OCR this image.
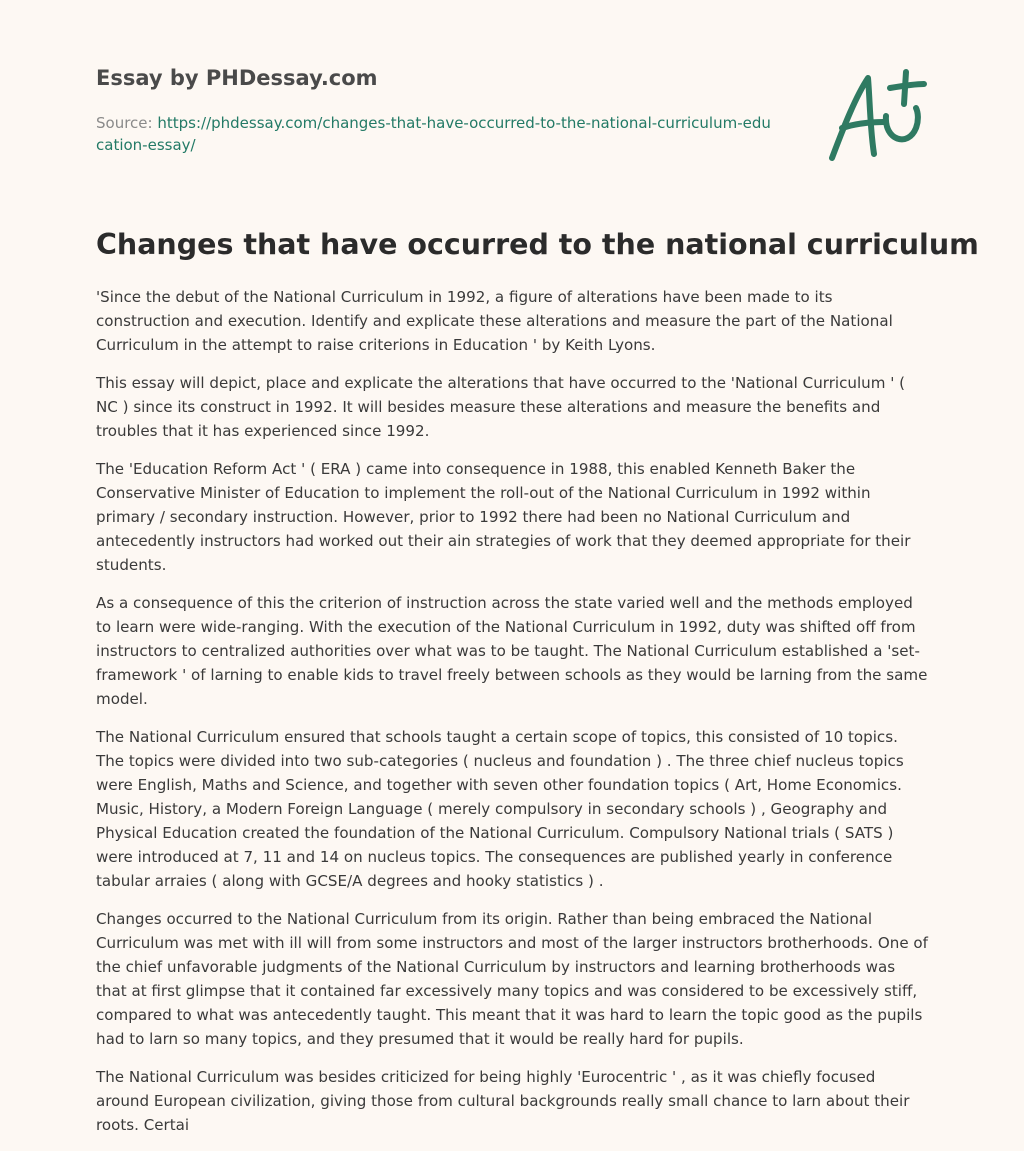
Essay by PHDessay.com

Source: https://phdessay.com/changes-that-have-occurred-to-the-national-curriculum-education-essay/

Changes that have occurred to the national curriculum

'Since the debut of the National Curriculum in 1992, a figure of alterations have been made to its construction and execution. Identify and explicate these alterations and measure the part of the National Curriculum in the attempt to raise criterions in Education ' by Keith Lyons.

This essay will depict, place and explicate the alterations that have occurred to the 'National Curriculum ' ( NC ) since its construct in 1992. It will besides measure these alterations and measure the benefits and troubles that it has experienced since 1992.

The 'Education Reform Act ' ( ERA ) came into consequence in 1988, this enabled Kenneth Baker the Conservative Minister of Education to implement the roll-out of the National Curriculum in 1992 within primary / secondary instruction. However, prior to 1992 there had been no National Curriculum and antecedently instructors had worked out their ain strategies of work that they deemed appropriate for their students.

As a consequence of this the criterion of instruction across the state varied well and the methods employed to learn were wide-ranging. With the execution of the National Curriculum in 1992, duty was shifted off from instructors to centralized authorities over what was to be taught. The National Curriculum established a 'set-framework ' of larning to enable kids to travel freely between schools as they would be larning from the same model.

The National Curriculum ensured that schools taught a certain scope of topics, this consisted of 10 topics. The topics were divided into two sub-categories ( nucleus and foundation ) . The three chief nucleus topics were English, Maths and Science, and together with seven other foundation topics ( Art, Home Economics. Music, History, a Modern Foreign Language ( merely compulsory in secondary schools ) , Geography and Physical Education created the foundation of the National Curriculum. Compulsory National trials ( SATS ) were introduced at 7, 11 and 14 on nucleus topics. The consequences are published yearly in conference tabular arraies ( along with GCSE/A degrees and hooky statistics ) .

Changes occurred to the National Curriculum from its origin. Rather than being embraced the National Curriculum was met with ill will from some instructors and most of the larger instructors brotherhoods. One of the chief unfavorable judgments of the National Curriculum by instructors and learning brotherhoods was that at first glimpse that it contained far excessively many topics and was considered to be excessively stiff, compared to what was antecedently taught. This meant that it was hard to learn the topic good as the pupils had to larn so many topics, and they presumed that it would be really hard for pupils.

The National Curriculum was besides criticized for being highly 'Eurocentric ' , as it was chiefly focused around European civilization, giving those from cultural backgrounds really small chance to larn about their roots. Certai
